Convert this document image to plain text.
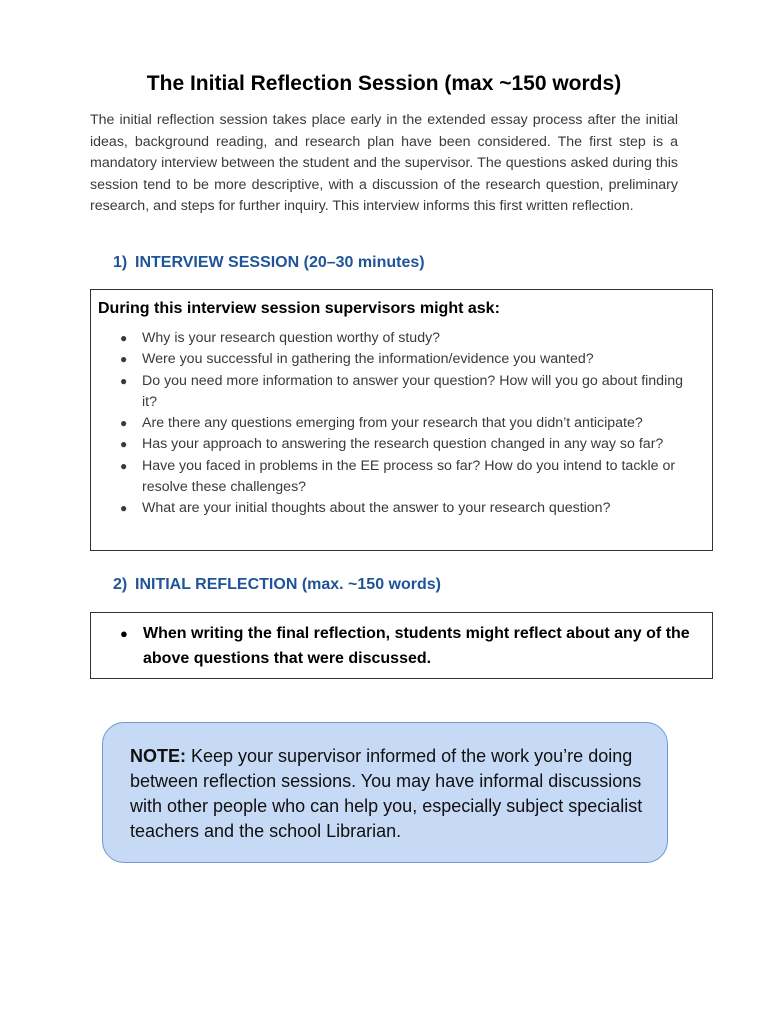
The Initial Reflection Session (max ~150 words)

The initial reflection session takes place early in the extended essay process after the initial ideas, background reading, and research plan have been considered. The first step is a mandatory interview between the student and the supervisor. The questions asked during this session tend to be more descriptive, with a discussion of the research question, preliminary research, and steps for further inquiry. This interview informs this first written reflection.

1) INTERVIEW SESSION (20–30 minutes)

During this interview session supervisors might ask:

● Why is your research question worthy of study?
● Were you successful in gathering the information/evidence you wanted?
● Do you need more information to answer your question? How will you go about finding it?
● Are there any questions emerging from your research that you didn’t anticipate?
● Has your approach to answering the research question changed in any way so far?
● Have you faced in problems in the EE process so far? How do you intend to tackle or resolve these challenges?
● What are your initial thoughts about the answer to your research question?
2) INITIAL REFLECTION (max. ~150 words)

● When writing the final reflection, students might reflect about any of the above questions that were discussed.

NOTE: Keep your supervisor informed of the work you’re doing between reflection sessions. You may have informal discussions with other people who can help you, especially subject specialist teachers and the school Librarian.
